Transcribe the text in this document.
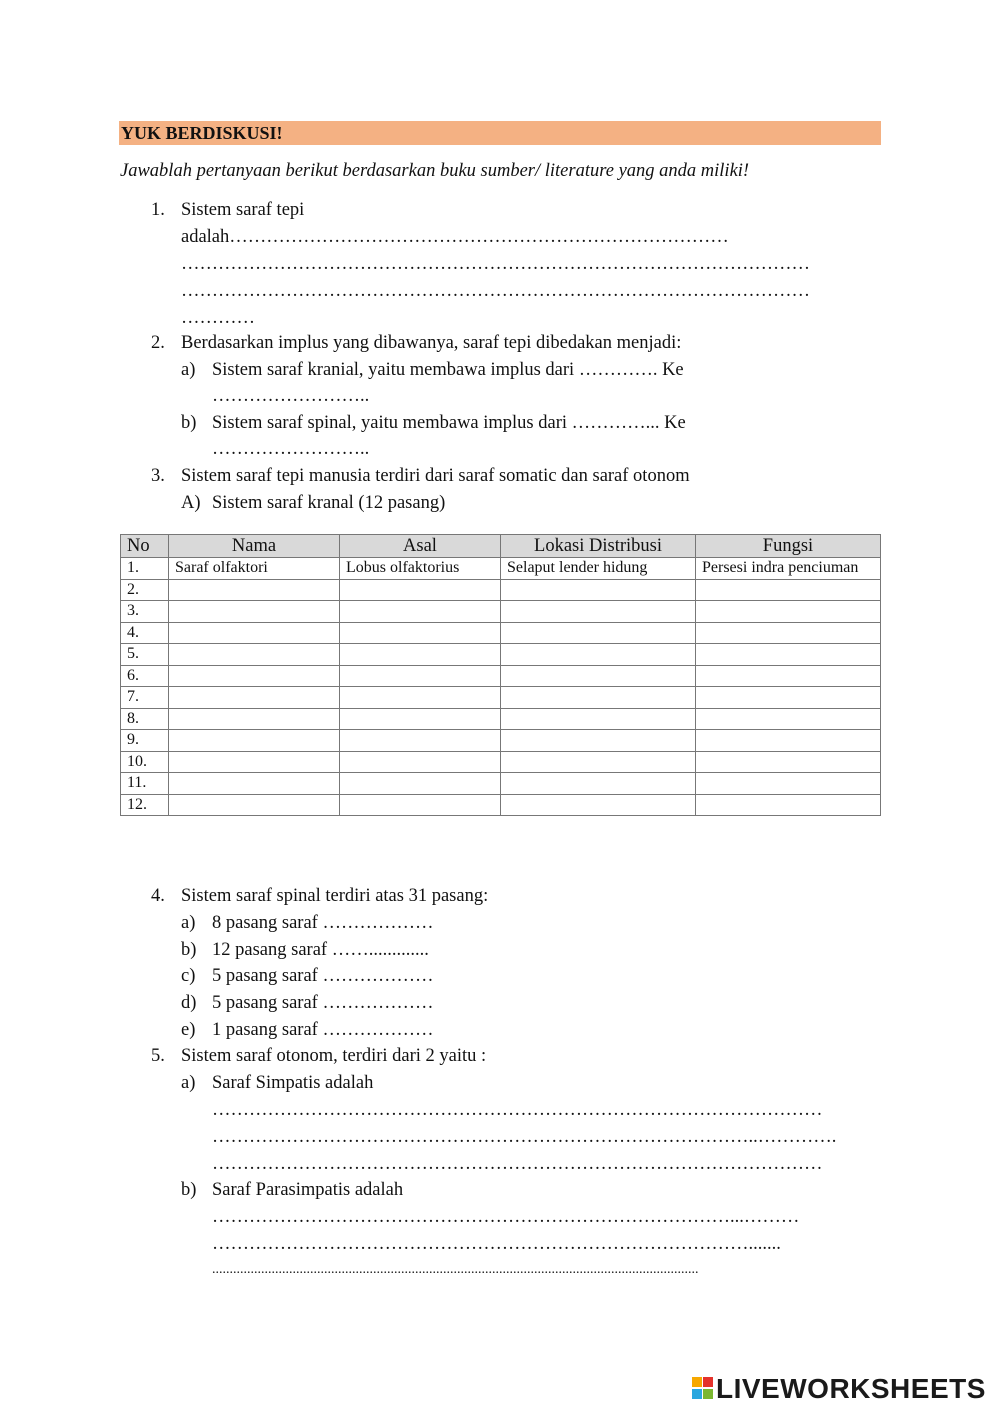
YUK BERDISKUSI!
Jawablah pertanyaan berikut berdasarkan buku sumber/ literature yang anda miliki!
1. Sistem saraf tepi
adalah………………………………………………………………………
…………………………………………………………………………………………
…………………………………………………………………………………………
…………
2. Berdasarkan implus yang dibawanya, saraf tepi dibedakan menjadi:
a) Sistem saraf kranial, yaitu membawa implus dari …………. Ke
……………………..
b) Sistem saraf spinal, yaitu membawa implus dari …………... Ke
……………………..
3. Sistem saraf tepi manusia terdiri dari saraf somatic dan saraf otonom
A) Sistem saraf kranal (12 pasang)
No	Nama	Asal	Lokasi Distribusi	Fungsi
1.	Saraf olfaktori	Lobus olfaktorius	Selaput lender hidung	Persesi indra penciuman
2.				
3.				
4.				
5.				
6.				
7.				
8.				
9.				
10.				
11.				
12.				
4. Sistem saraf spinal terdiri atas 31 pasang:
a) 8 pasang saraf ………………
b) 12 pasang saraf …….............
c) 5 pasang saraf ………………
d) 5 pasang saraf ………………
e) 1 pasang saraf ………………
5. Sistem saraf otonom, terdiri dari 2 yaitu :
a) Saraf Simpatis adalah
………………………………………………………………………………………
……………………………………………………………………………..………….
………………………………………………………………………………………
b) Saraf Parasimpatis adalah
…………………………………………………………………………...………
…………………………………………………………………………….......
...........................................................................................................................................
LIVEWORKSHEETS
